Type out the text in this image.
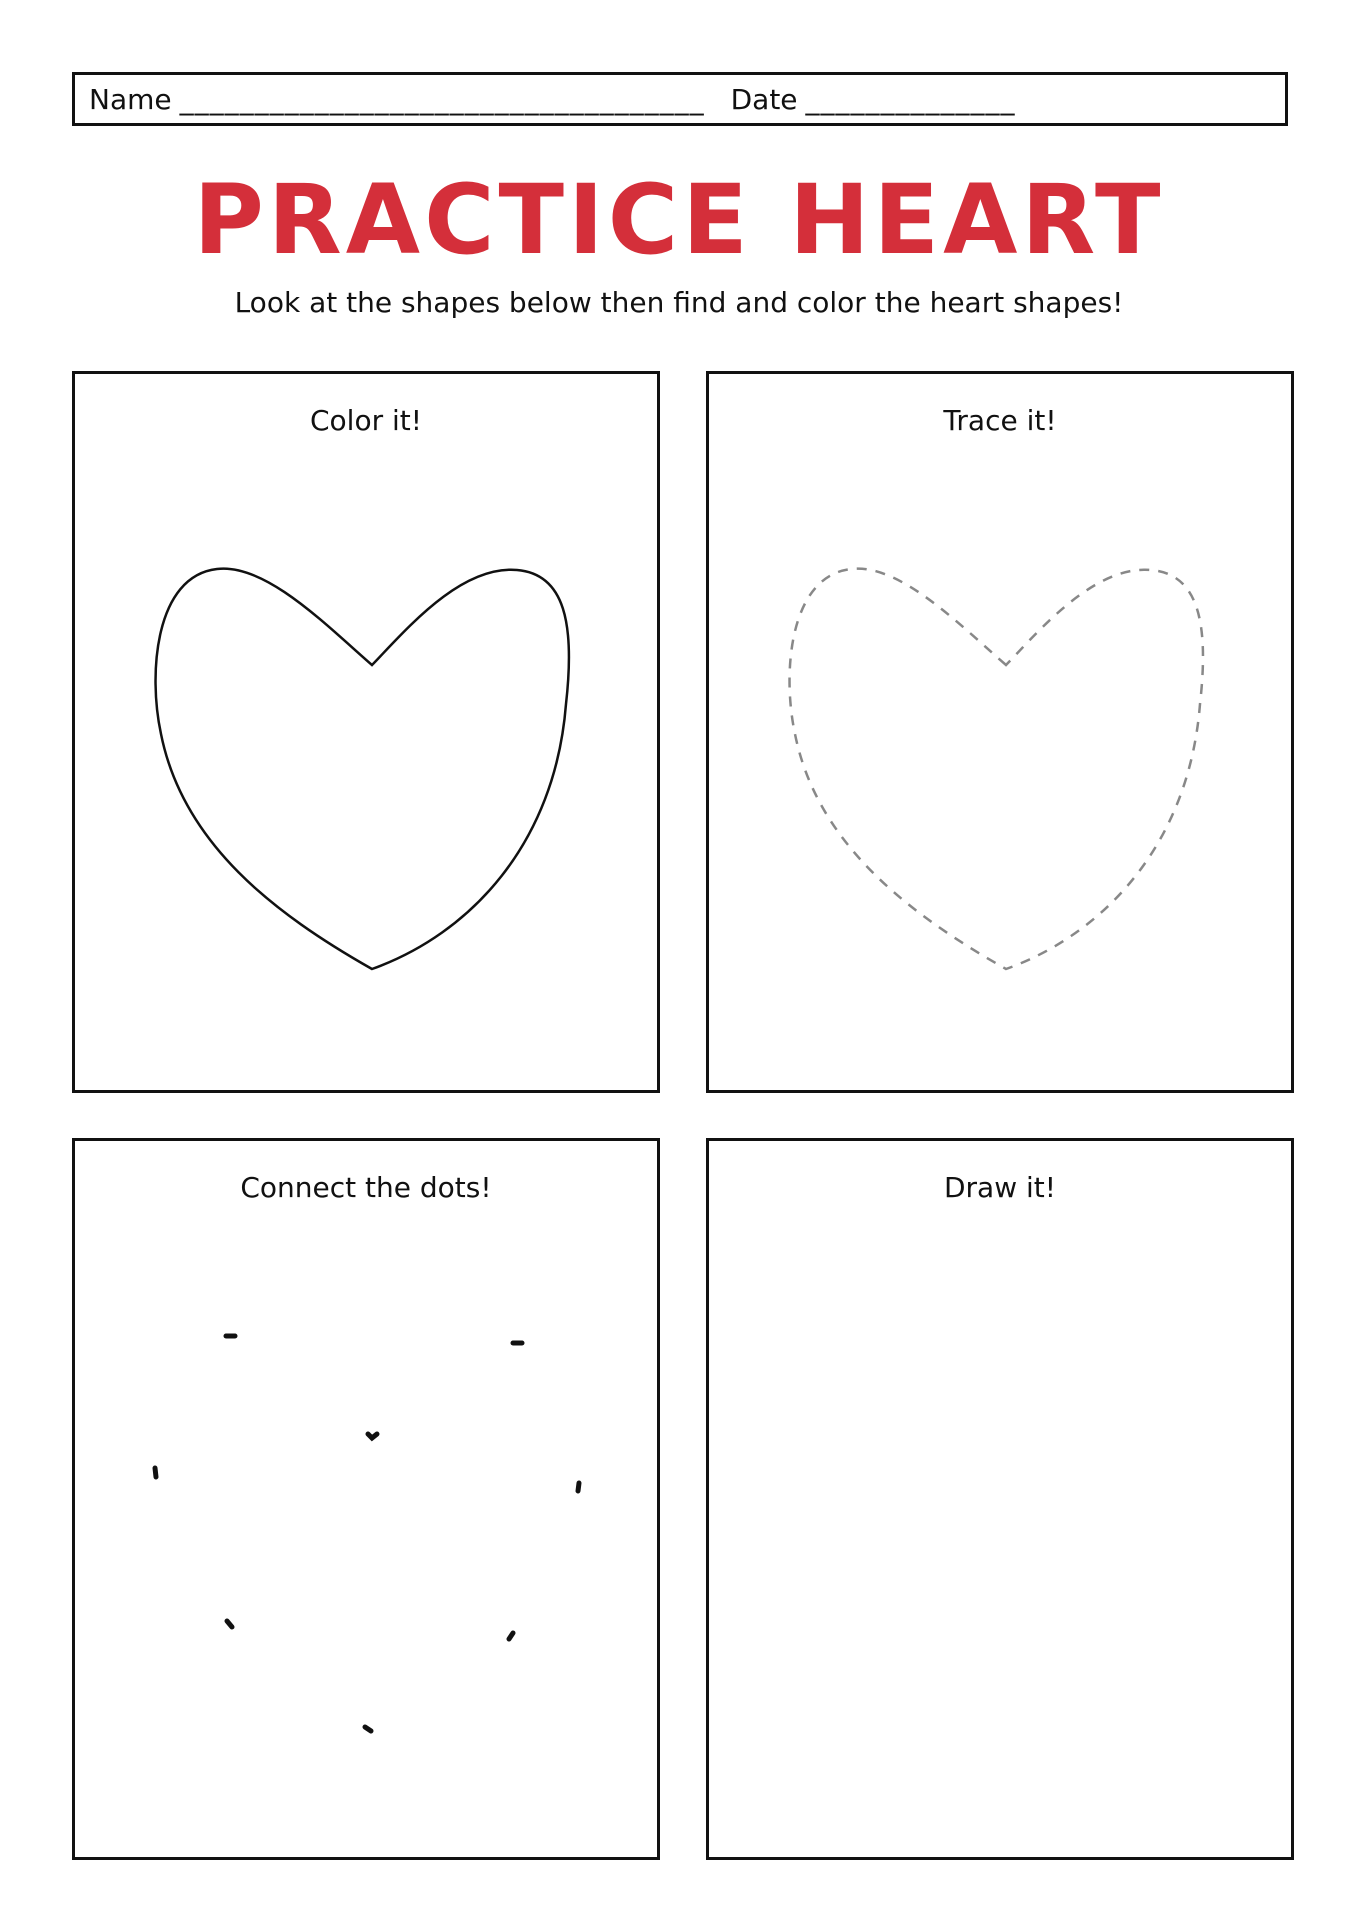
Name ___________________________________ Date ______________
PRACTICE HEART
Look at the shapes below then find and color the heart shapes!
Color it!	Trace it!
Connect the dots!	Draw it!
